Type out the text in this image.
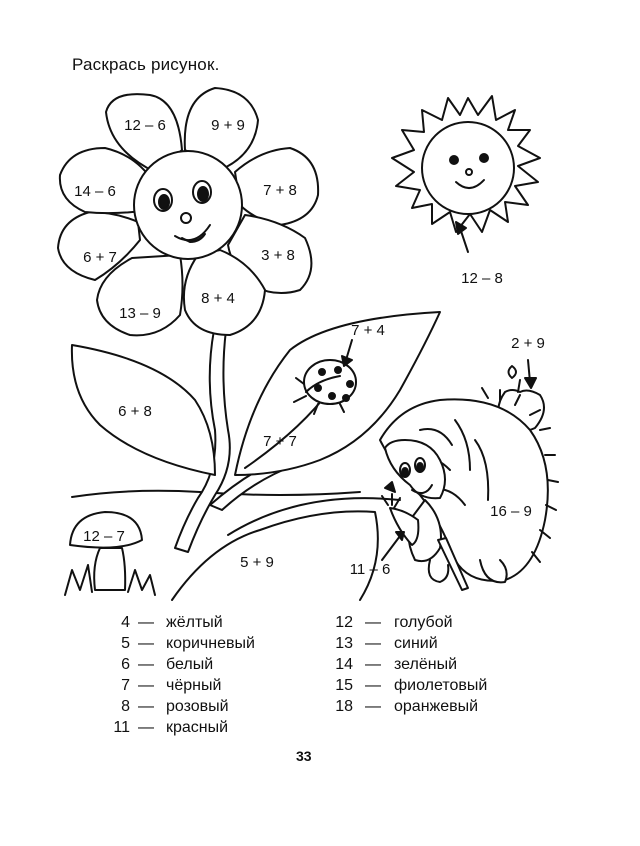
Раскрась рисунок.
12 – 6	9 + 9
7 + 8
3 + 8
8 + 4
13 – 9
6 + 7
14 – 6
12 – 8
6 + 8
7 + 4
7 + 7
5 + 9
12 – 7
2 + 9
16 – 9
11 – 6
4 — жёлтый
5 — коричневый
6 — белый
7 — чёрный
8 — розовый
11 — красный
12 — голубой
13 — синий
14 — зелёный
15 — фиолетовый
18 — оранжевый
33
